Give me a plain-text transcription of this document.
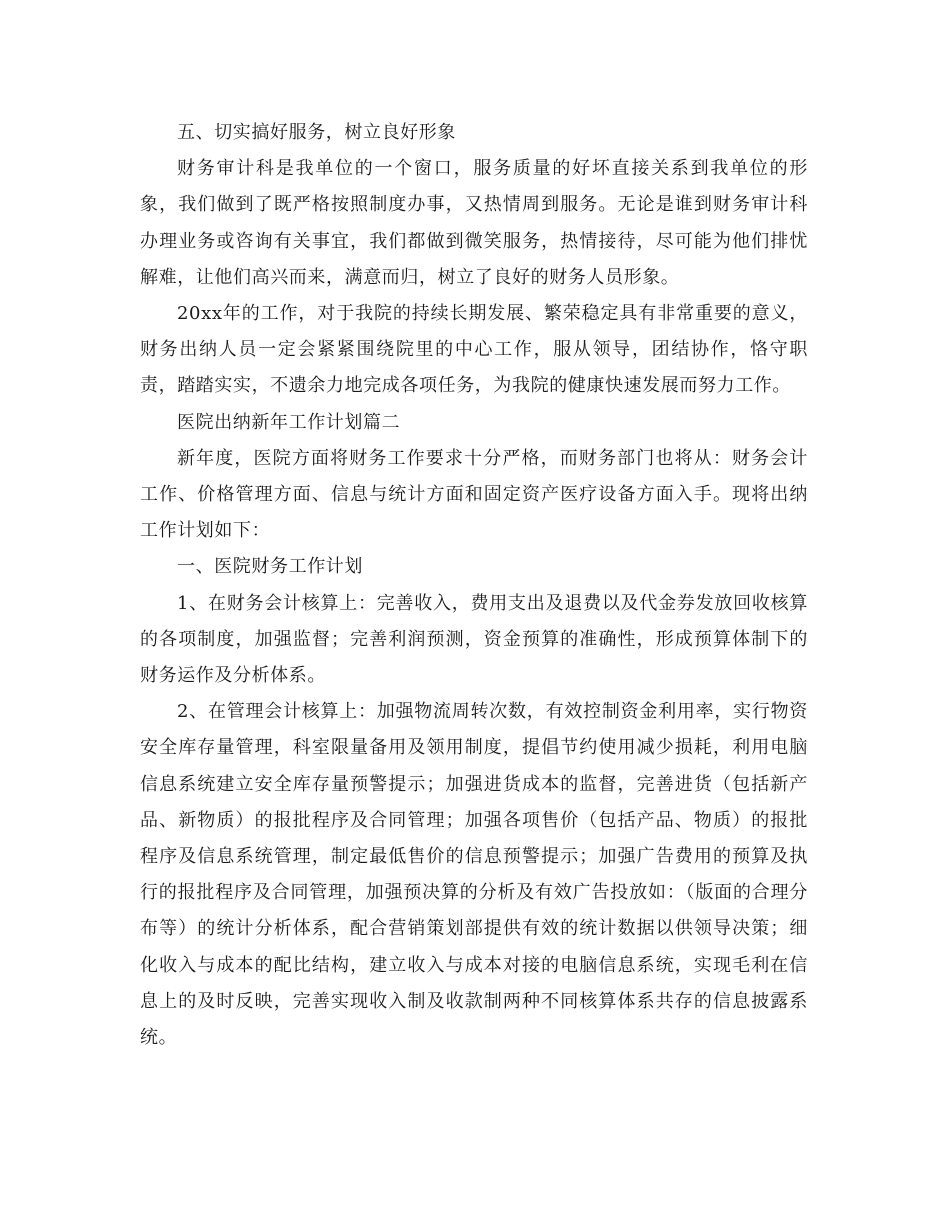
五、切实搞好服务，树立良好形象

财务审计科是我单位的一个窗口，服务质量的好坏直接关系到我单位的形象，我们做到了既严格按照制度办事，又热情周到服务。无论是谁到财务审计科办理业务或咨询有关事宜，我们都做到微笑服务，热情接待，尽可能为他们排忧解难，让他们高兴而来，满意而归，树立了良好的财务人员形象。

20xx年的工作，对于我院的持续长期发展、繁荣稳定具有非常重要的意义，财务出纳人员一定会紧紧围绕院里的中心工作，服从领导，团结协作，恪守职责，踏踏实实，不遗余力地完成各项任务，为我院的健康快速发展而努力工作。

医院出纳新年工作计划篇二

新年度，医院方面将财务工作要求十分严格，而财务部门也将从：财务会计工作、价格管理方面、信息与统计方面和固定资产医疗设备方面入手。现将出纳工作计划如下：

一、医院财务工作计划

1、在财务会计核算上：完善收入，费用支出及退费以及代金券发放回收核算的各项制度，加强监督；完善利润预测，资金预算的准确性，形成预算体制下的财务运作及分析体系。

2、在管理会计核算上：加强物流周转次数，有效控制资金利用率，实行物资安全库存量管理，科室限量备用及领用制度，提倡节约使用减少损耗，利用电脑信息系统建立安全库存量预警提示；加强进货成本的监督，完善进货（包括新产品、新物质）的报批程序及合同管理；加强各项售价（包括产品、物质）的报批程序及信息系统管理，制定最低售价的信息预警提示；加强广告费用的预算及执行的报批程序及合同管理，加强预决算的分析及有效广告投放如：（版面的合理分布等）的统计分析体系，配合营销策划部提供有效的统计数据以供领导决策；细化收入与成本的配比结构，建立收入与成本对接的电脑信息系统，实现毛利在信息上的及时反映，完善实现收入制及收款制两种不同核算体系共存的信息披露系统。
